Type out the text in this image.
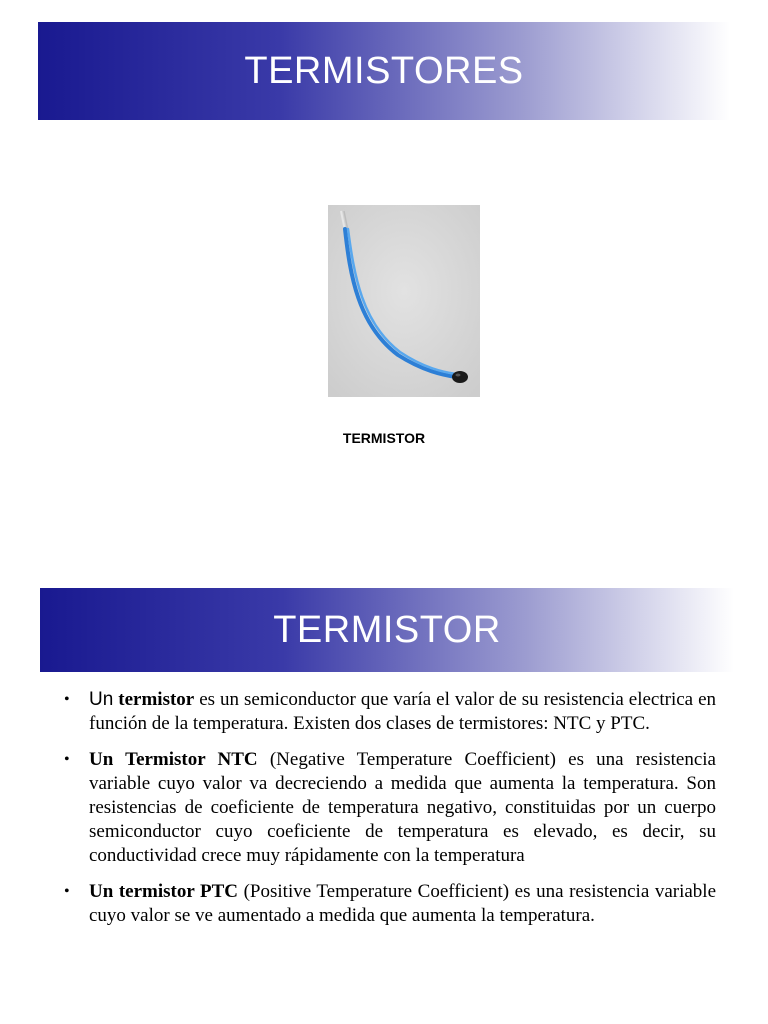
TERMISTORES
TERMISTOR
TERMISTOR
• Un termistor es un semiconductor que varía el valor de su resistencia electrica en función de la temperatura. Existen dos clases de termistores: NTC y PTC.
• Un Termistor NTC (Negative Temperature Coefficient) es una resistencia variable cuyo valor va decreciendo a medida que aumenta la temperatura. Son resistencias de coeficiente de temperatura negativo, constituidas por un cuerpo semiconductor cuyo coeficiente de temperatura es elevado, es decir, su conductividad crece muy rápidamente con la temperatura
• Un termistor PTC (Positive Temperature Coefficient) es una resistencia variable cuyo valor se ve aumentado a medida que aumenta la temperatura.
